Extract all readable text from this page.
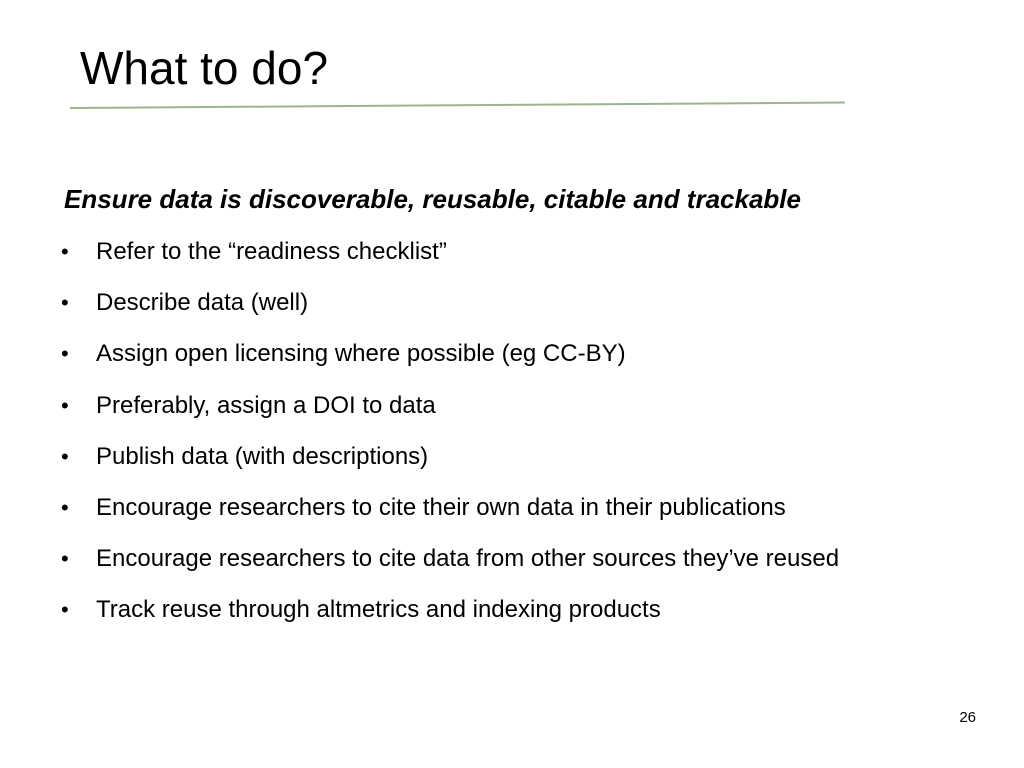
What to do?

Ensure data is discoverable, reusable, citable and trackable

• Refer to the “readiness checklist”
• Describe data (well)
• Assign open licensing where possible (eg CC-BY)
• Preferably, assign a DOI to data
• Publish data (with descriptions)
• Encourage researchers to cite their own data in their publications
• Encourage researchers to cite data from other sources they’ve reused
• Track reuse through altmetrics and indexing products
26
